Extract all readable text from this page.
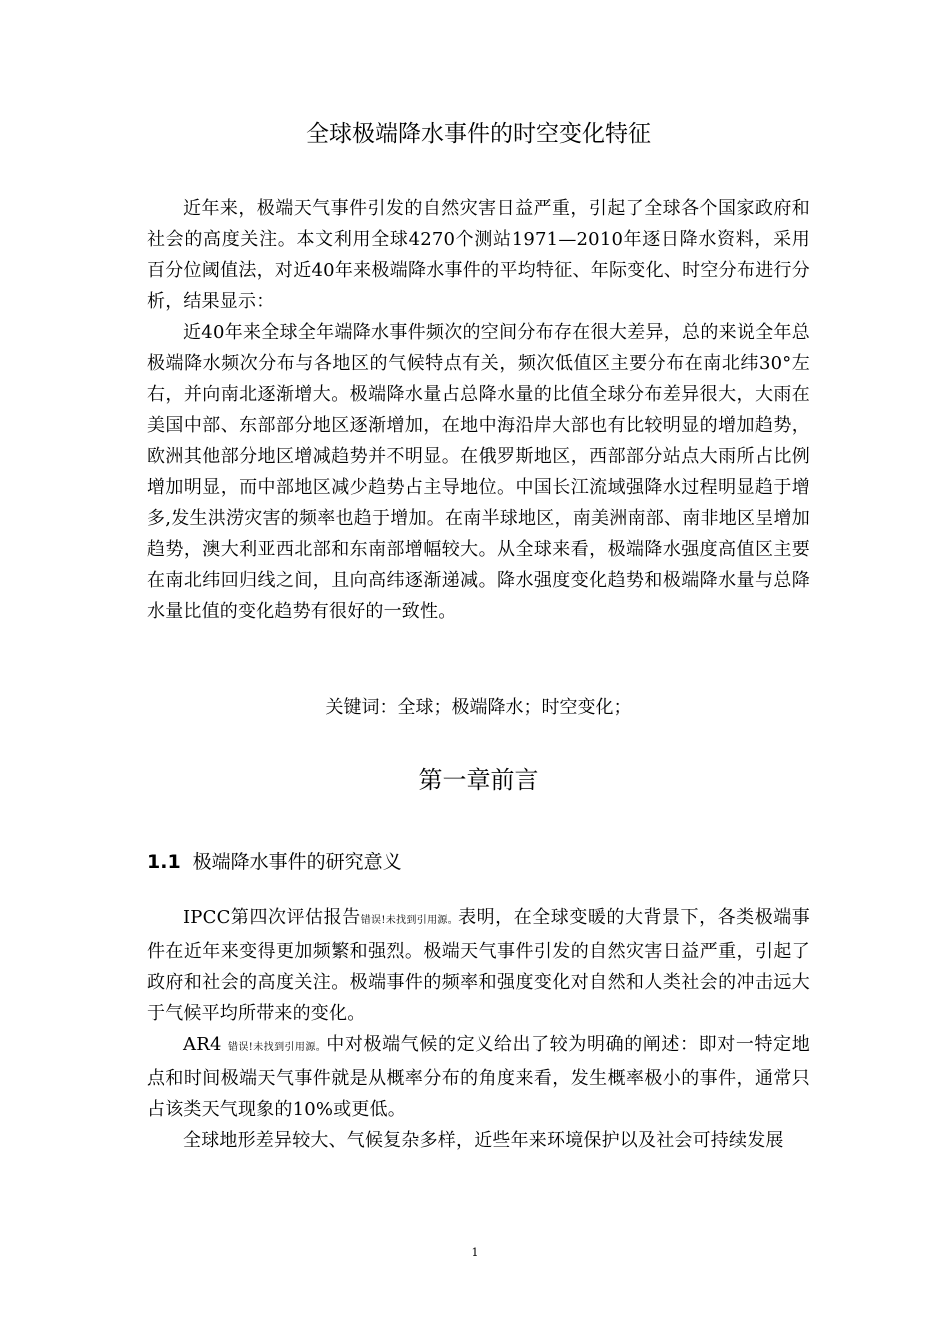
全球极端降水事件的时空变化特征

近年来，极端天气事件引发的自然灾害日益严重，引起了全球各个国家政府和社会的高度关注。本文利用全球4270个测站1971—2010年逐日降水资料，采用百分位阈值法，对近40年来极端降水事件的平均特征、年际变化、时空分布进行分析，结果显示：

近40年来全球全年端降水事件频次的空间分布存在很大差异，总的来说全年总极端降水频次分布与各地区的气候特点有关，频次低值区主要分布在南北纬30°左右，并向南北逐渐增大。极端降水量占总降水量的比值全球分布差异很大，大雨在美国中部、东部部分地区逐渐增加，在地中海沿岸大部也有比较明显的增加趋势，欧洲其他部分地区增减趋势并不明显。在俄罗斯地区，西部部分站点大雨所占比例增加明显，而中部地区减少趋势占主导地位。中国长江流域强降水过程明显趋于增多,发生洪涝灾害的频率也趋于增加。在南半球地区，南美洲南部、南非地区呈增加趋势，澳大利亚西北部和东南部增幅较大。从全球来看，极端降水强度高值区主要在南北纬回归线之间，且向高纬逐渐递减。降水强度变化趋势和极端降水量与总降水量比值的变化趋势有很好的一致性。

关键词：全球；极端降水；时空变化；

第一章前言
1.1 极端降水事件的研究意义

IPCC第四次评估报告错误!未找到引用源。表明，在全球变暖的大背景下，各类极端事件在近年来变得更加频繁和强烈。极端天气事件引发的自然灾害日益严重，引起了政府和社会的高度关注。极端事件的频率和强度变化对自然和人类社会的冲击远大于气候平均所带来的变化。

AR4 错误!未找到引用源。中对极端气候的定义给出了较为明确的阐述：即对一特定地点和时间极端天气事件就是从概率分布的角度来看，发生概率极小的事件，通常只占该类天气现象的10%或更低。

全球地形差异较大、气候复杂多样，近些年来环境保护以及社会可持续发展

1
